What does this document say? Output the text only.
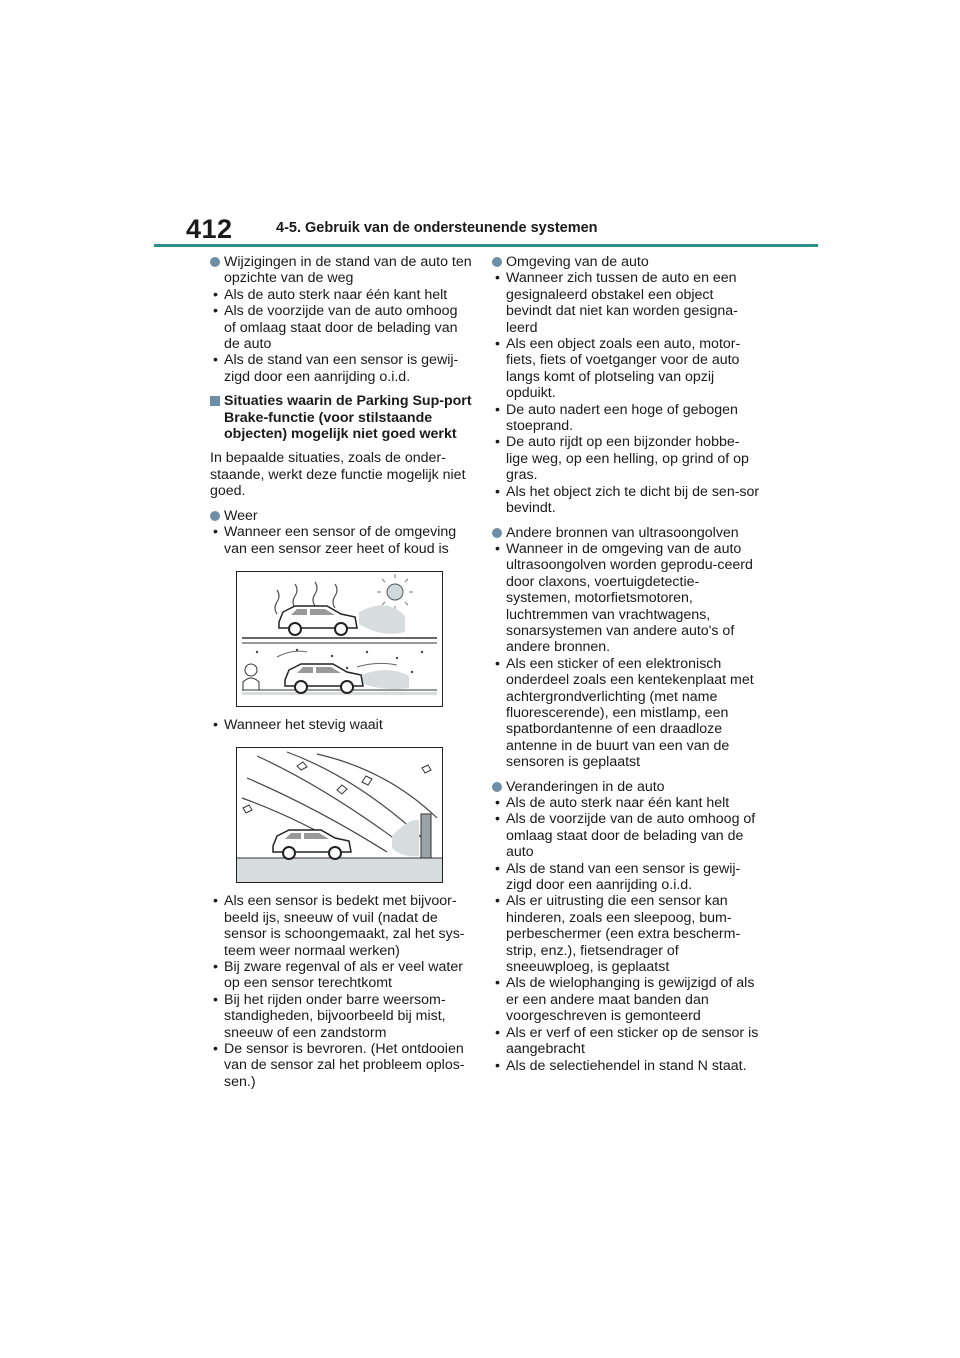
412	4-5. Gebruik van de ondersteunende systemen
Wijzigingen in de stand van de auto ten opzichte van de weg
• Als de auto sterk naar één kant helt
• Als de voorzijde van de auto omhoog of omlaag staat door de belading van de auto
• Als de stand van een sensor is gewij-zigd door een aanrijding o.i.d.
Situaties waarin de Parking Sup-port Brake-functie (voor stilstaande objecten) mogelijk niet goed werkt
In bepaalde situaties, zoals de onder-staande, werkt deze functie mogelijk niet goed.
Weer
• Wanneer een sensor of de omgeving van een sensor zeer heet of koud is
• Wanneer het stevig waait
• Als een sensor is bedekt met bijvoor-beeld ijs, sneeuw of vuil (nadat de sensor is schoongemaakt, zal het sys-teem weer normaal werken)
• Bij zware regenval of als er veel water op een sensor terechtkomt
• Bij het rijden onder barre weersom-standigheden, bijvoorbeeld bij mist, sneeuw of een zandstorm
• De sensor is bevroren. (Het ontdooien van de sensor zal het probleem oplos-sen.)
Omgeving van de auto
• Wanneer zich tussen de auto en een gesignaleerd obstakel een object bevindt dat niet kan worden gesigna-leerd
• Als een object zoals een auto, motor-fiets, fiets of voetganger voor de auto langs komt of plotseling van opzij opduikt.
• De auto nadert een hoge of gebogen stoeprand.
• De auto rijdt op een bijzonder hobbe-lige weg, op een helling, op grind of op gras.
• Als het object zich te dicht bij de sen-sor bevindt.
Andere bronnen van ultrasoongolven
• Wanneer in de omgeving van de auto ultrasoongolven worden geprodu-ceerd door claxons, voertuigdetectie-systemen, motorfietsmotoren, luchtremmen van vrachtwagens, sonarsystemen van andere auto's of andere bronnen.
• Als een sticker of een elektronisch onderdeel zoals een kentekenplaat met achtergrondverlichting (met name fluorescerende), een mistlamp, een spatbordantenne of een draadloze antenne in de buurt van een van de sensoren is geplaatst
Veranderingen in de auto
• Als de auto sterk naar één kant helt
• Als de voorzijde van de auto omhoog of omlaag staat door de belading van de auto
• Als de stand van een sensor is gewij-zigd door een aanrijding o.i.d.
• Als er uitrusting die een sensor kan hinderen, zoals een sleepoog, bum-perbeschermer (een extra bescherm-strip, enz.), fietsendrager of sneeuwploeg, is geplaatst
• Als de wielophanging is gewijzigd of als er een andere maat banden dan voorgeschreven is gemonteerd
• Als er verf of een sticker op de sensor is aangebracht
• Als de selectiehendel in stand N staat.
